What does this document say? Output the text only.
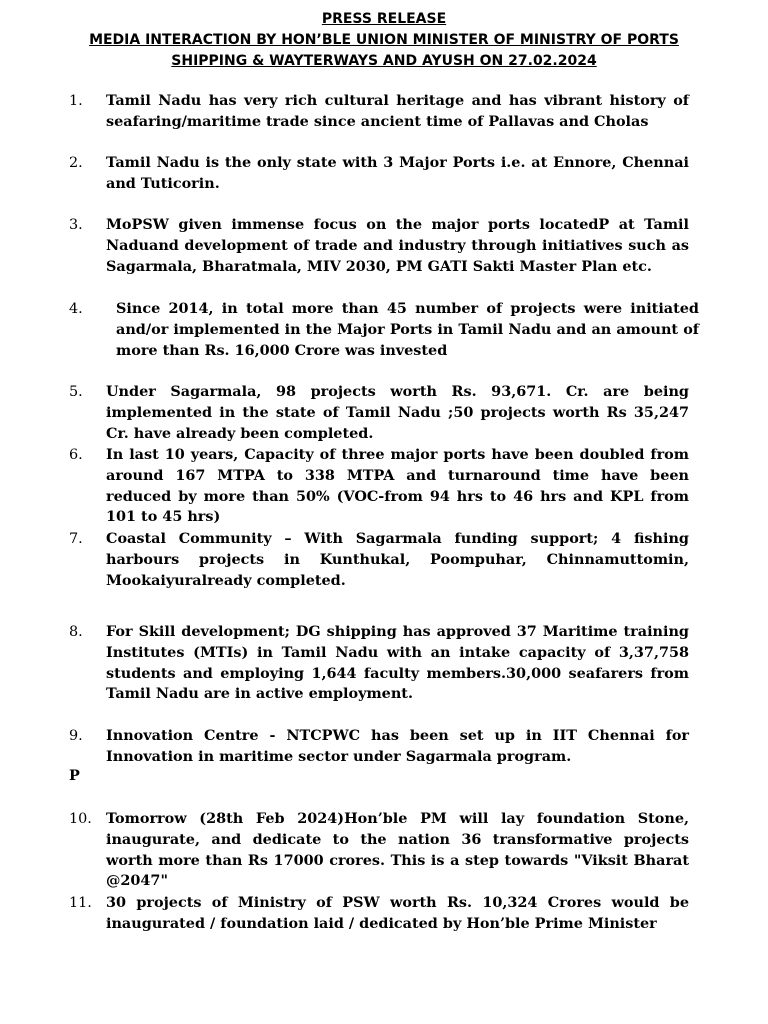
PRESS RELEASE
MEDIA INTERACTION BY HON’BLE UNION MINISTER OF MINISTRY OF PORTS
SHIPPING & WAYTERWAYS AND AYUSH ON 27.02.2024
1. Tamil Nadu has very rich cultural heritage and has vibrant history of seafaring/maritime trade since ancient time of Pallavas and Cholas
2. Tamil Nadu is the only state with 3 Major Ports i.e. at Ennore, Chennai and Tuticorin.
3. MoPSW given immense focus on the major ports locatedP at Tamil Naduand development of trade and industry through initiatives such as Sagarmala, Bharatmala, MIV 2030, PM GATI Sakti Master Plan etc.
4. Since 2014, in total more than 45 number of projects were initiated and/or implemented in the Major Ports in Tamil Nadu and an amount of more than Rs. 16,000 Crore was invested
5. Under Sagarmala, 98 projects worth Rs. 93,671. Cr. are being implemented in the state of Tamil Nadu ;50 projects worth Rs 35,247 Cr. have already been completed.
6. In last 10 years, Capacity of three major ports have been doubled from around 167 MTPA to 338 MTPA and turnaround time have been reduced by more than 50% (VOC-from 94 hrs to 46 hrs and KPL from 101 to 45 hrs)
7. Coastal Community – With Sagarmala funding support; 4 fishing harbours projects in Kunthukal, Poompuhar, Chinnamuttomin, Mookaiyuralready completed.
8. For Skill development; DG shipping has approved 37 Maritime training Institutes (MTIs) in Tamil Nadu with an intake capacity of 3,37,758 students and employing 1,644 faculty members.30,000 seafarers from Tamil Nadu are in active employment.
9. Innovation Centre - NTCPWC has been set up in IIT Chennai for Innovation in maritime sector under Sagarmala program.
P
10. Tomorrow (28th Feb 2024)Hon’ble PM will lay foundation Stone, inaugurate, and dedicate to the nation 36 transformative projects worth more than Rs 17000 crores. This is a step towards "Viksit Bharat @2047"
11. 30 projects of Ministry of PSW worth Rs. 10,324 Crores would be inaugurated / foundation laid / dedicated by Hon’ble Prime Minister
